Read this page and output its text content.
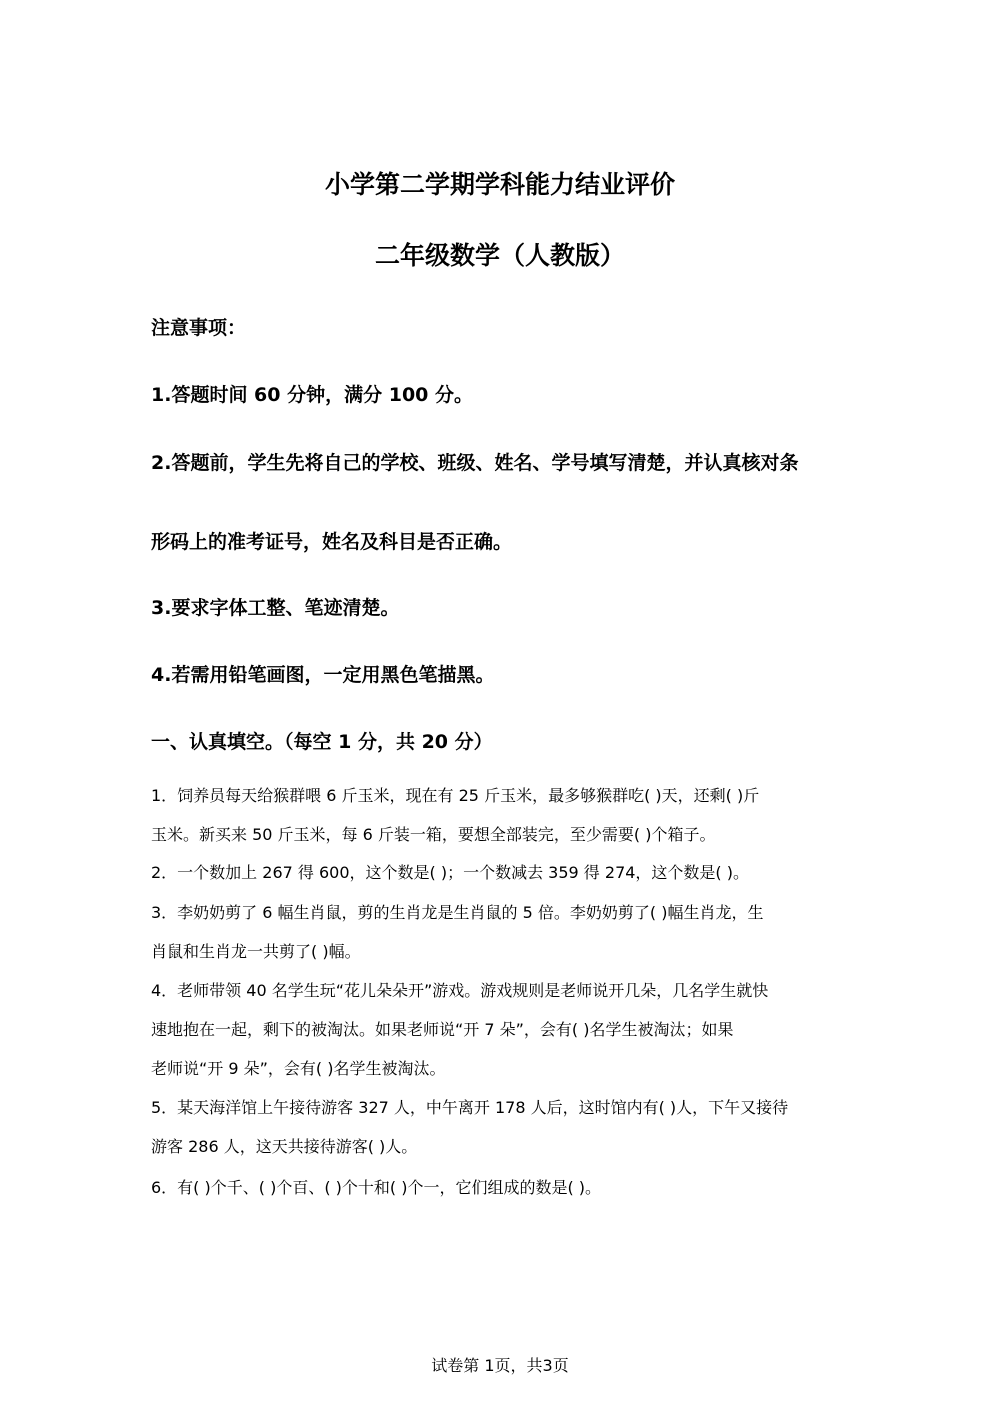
小学第二学期学科能力结业评价
二年级数学（人教版）
注意事项：
1.答题时间 60 分钟，满分 100 分。
2.答题前，学生先将自己的学校、班级、姓名、学号填写清楚，并认真核对条
形码上的准考证号，姓名及科目是否正确。
3.要求字体工整、笔迹清楚。
4.若需用铅笔画图，一定用黑色笔描黑。
一、认真填空。（每空 1 分，共 20 分）
1．饲养员每天给猴群喂 6 斤玉米，现在有 25 斤玉米，最多够猴群吃( )天，还剩( )斤
玉米。新买来 50 斤玉米，每 6 斤装一箱，要想全部装完，至少需要( )个箱子。
2．一个数加上 267 得 600，这个数是( )；一个数减去 359 得 274，这个数是( )。
3．李奶奶剪了 6 幅生肖鼠，剪的生肖龙是生肖鼠的 5 倍。李奶奶剪了( )幅生肖龙，生
肖鼠和生肖龙一共剪了( )幅。
4．老师带领 40 名学生玩“花儿朵朵开”游戏。游戏规则是老师说开几朵，几名学生就快
速地抱在一起，剩下的被淘汰。如果老师说“开 7 朵”，会有( )名学生被淘汰；如果
老师说“开 9 朵”，会有( )名学生被淘汰。
5．某天海洋馆上午接待游客 327 人，中午离开 178 人后，这时馆内有( )人，下午又接待
游客 286 人，这天共接待游客( )人。
6．有( )个千、( )个百、( )个十和( )个一，它们组成的数是( )。
试卷第 1页，共3页
